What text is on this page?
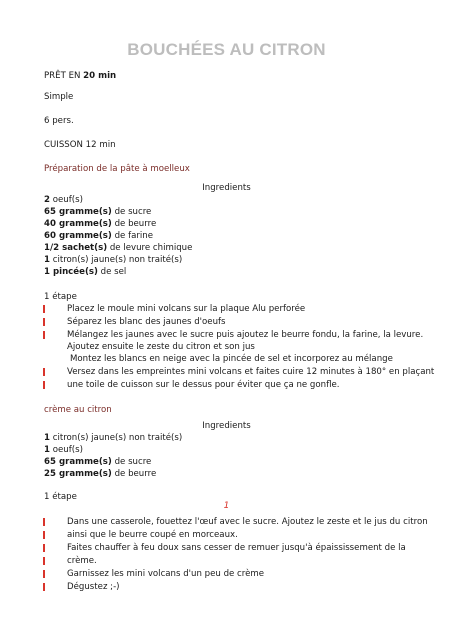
BOUCHÉES AU CITRON
PRÊT EN 20 min
Simple
6 pers.
CUISSON 12 min
Préparation de la pâte à moelleux
Ingredients
2 oeuf(s)
65 gramme(s) de sucre
40 gramme(s) de beurre
60 gramme(s) de farine
1/2 sachet(s) de levure chimique
1 citron(s) jaune(s) non traité(s)
1 pincée(s) de sel
1 étape
Placez le moule mini volcans sur la plaque Alu perforée
Séparez les blanc des jaunes d'oeufs
Mélangez les jaunes avec le sucre puis ajoutez le beurre fondu, la farine, la levure.
Ajoutez ensuite le zeste du citron et son jus
Montez les blancs en neige avec la pincée de sel et incorporez au mélange
Versez dans les empreintes mini volcans et faites cuire 12 minutes à 180° en plaçant
une toile de cuisson sur le dessus pour éviter que ça ne gonfle.
crème au citron
Ingredients
1 citron(s) jaune(s) non traité(s)
1 oeuf(s)
65 gramme(s) de sucre
25 gramme(s) de beurre
1 étape
1
Dans une casserole, fouettez l'œuf avec le sucre. Ajoutez le zeste et le jus du citron
ainsi que le beurre coupé en morceaux.
Faites chauffer à feu doux sans cesser de remuer jusqu'à épaississement de la
crème.
Garnissez les mini volcans d'un peu de crème
Dégustez ;-)
